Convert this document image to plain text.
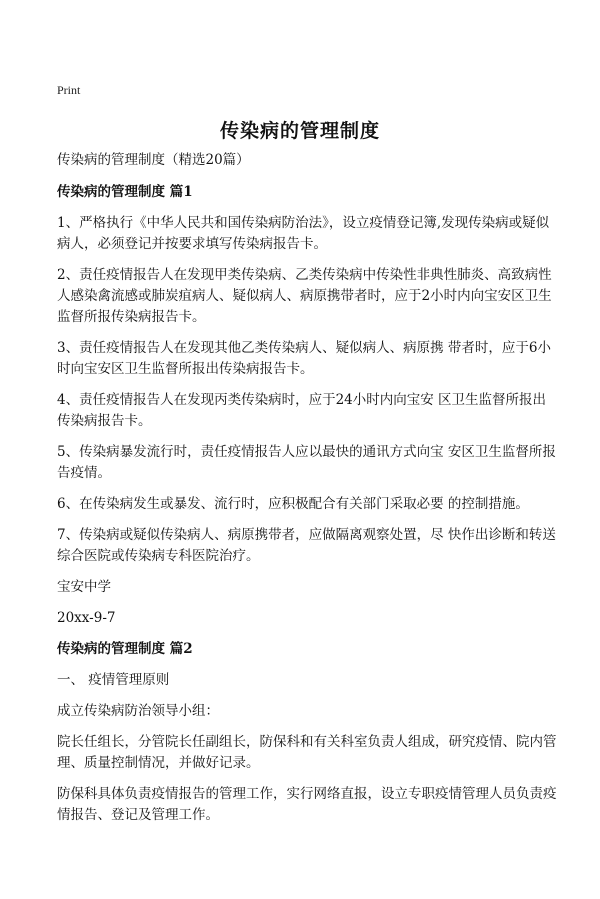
Print
传染病的管理制度

传染病的管理制度（精选20篇）

传染病的管理制度 篇1

1、严格执行《中华人民共和国传染病防治法》，设立疫情登记簿,发现传染病或疑似病人，必须登记并按要求填写传染病报告卡。

2、责任疫情报告人在发现甲类传染病、乙类传染病中传染性非典性肺炎、高致病性人感染禽流感或肺炭疽病人、疑似病人、病原携带者时，应于2小时内向宝安区卫生监督所报传染病报告卡。

3、责任疫情报告人在发现其他乙类传染病人、疑似病人、病原携 带者时，应于6小时向宝安区卫生监督所报出传染病报告卡。

4、责任疫情报告人在发现丙类传染病时，应于24小时内向宝安 区卫生监督所报出传染病报告卡。

5、传染病暴发流行时，责任疫情报告人应以最快的通讯方式向宝 安区卫生监督所报告疫情。

6、在传染病发生或暴发、流行时，应积极配合有关部门采取必要 的控制措施。

7、传染病或疑似传染病人、病原携带者，应做隔离观察处置，尽 快作出诊断和转送综合医院或传染病专科医院治疗。

宝安中学

20xx-9-7

传染病的管理制度 篇2

一、 疫情管理原则

成立传染病防治领导小组：

院长任组长，分管院长任副组长，防保科和有关科室负责人组成，研究疫情、院内管理、质量控制情况，并做好记录。

防保科具体负责疫情报告的管理工作，实行网络直报，设立专职疫情管理人员负责疫情报告、登记及管理工作。
